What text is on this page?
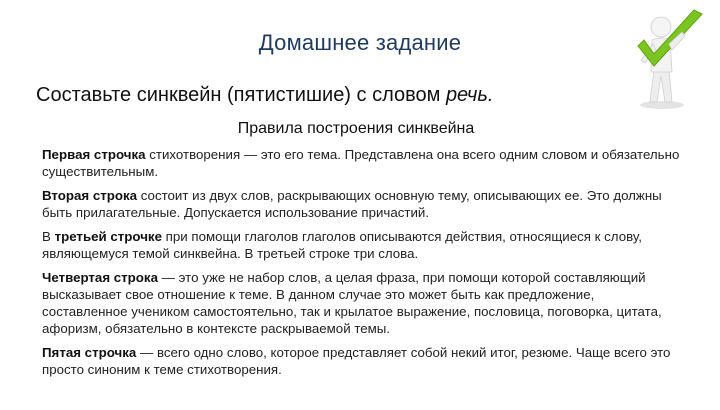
Домашнее задание
Составьте синквейн (пятистишие) с словом речь.
Правила построения синквейна
Первая строчка стихотворения — это его тема. Представлена она всего одним словом и обязательно существительным.
Вторая строка состоит из двух слов, раскрывающих основную тему, описывающих ее. Это должны быть прилагательные. Допускается использование причастий.
В третьей строчке при помощи глаголов глаголов описываются действия, относящиеся к слову, являющемуся темой синквейна. В третьей строке три слова.
Четвертая строка — это уже не набор слов, а целая фраза, при помощи которой составляющий высказывает свое отношение к теме. В данном случае это может быть как предложение, составленное учеником самостоятельно, так и крылатое выражение, пословица, поговорка, цитата, афоризм, обязательно в контексте раскрываемой темы.
Пятая строчка — всего одно слово, которое представляет собой некий итог, резюме. Чаще всего это просто синоним к теме стихотворения.
